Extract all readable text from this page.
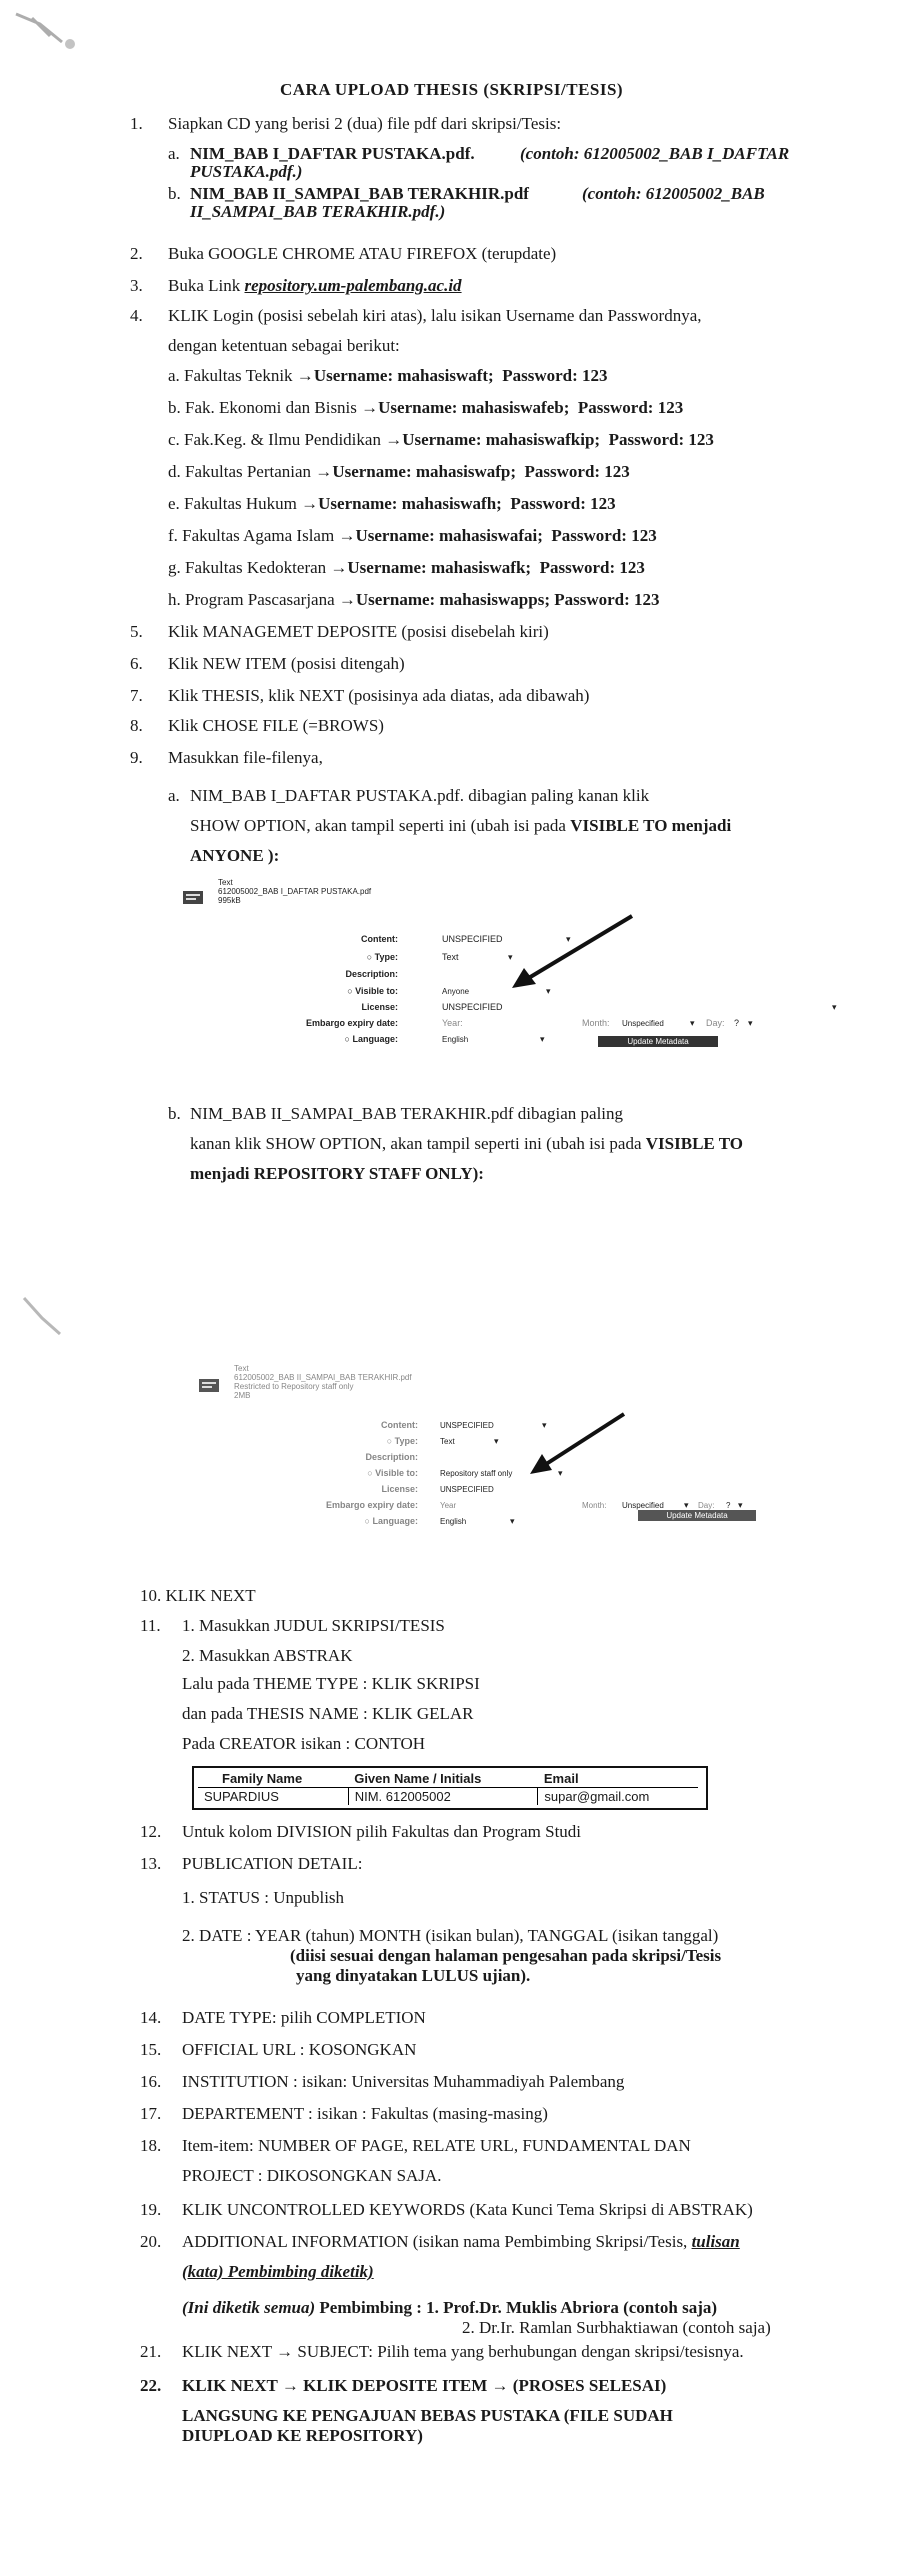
CARA UPLOAD THESIS (SKRIPSI/TESIS)
1. Siapkan CD yang berisi 2 (dua) file pdf dari skripsi/Tesis:
a. NIM_BAB I_DAFTAR PUSTAKA.pdf.	(contoh: 612005002_BAB I_DAFTAR
PUSTAKA.pdf.)
b. NIM_BAB II_SAMPAI_BAB TERAKHIR.pdf	(contoh: 612005002_BAB
II_SAMPAI_BAB TERAKHIR.pdf.)
2. Buka GOOGLE CHROME ATAU FIREFOX (terupdate)
3. Buka Link repository.um-palembang.ac.id
4. KLIK Login (posisi sebelah kiri atas), lalu isikan Username dan Passwordnya,
dengan ketentuan sebagai berikut:
a. Fakultas Teknik →Username: mahasiswaft; Password: 123
b. Fak. Ekonomi dan Bisnis →Username: mahasiswafeb; Password: 123
c. Fak.Keg. & Ilmu Pendidikan →Username: mahasiswafkip; Password: 123
d. Fakultas Pertanian →Username: mahasiswafp; Password: 123
e. Fakultas Hukum →Username: mahasiswafh; Password: 123
f. Fakultas Agama Islam →Username: mahasiswafai; Password: 123
g. Fakultas Kedokteran →Username: mahasiswafk; Password: 123
h. Program Pascasarjana →Username: mahasiswapps; Password: 123
5. Klik MANAGEMET DEPOSITE (posisi disebelah kiri)
6. Klik NEW ITEM (posisi ditengah)
7. Klik THESIS, klik NEXT (posisinya ada diatas, ada dibawah)
8. Klik CHOSE FILE (=BROWS)
9. Masukkan file-filenya,
a. NIM_BAB I_DAFTAR PUSTAKA.pdf. dibagian paling kanan klik
SHOW OPTION, akan tampil seperti ini (ubah isi pada VISIBLE TO menjadi
ANYONE ):
Text
612005002_BAB I_DAFTAR PUSTAKA.pdf
995kB
Content:	UNSPECIFIED	▾
○ Type:	Text	▾
Description:
○ Visible to:	Anyone	▾
License:	UNSPECIFIED	▾
Embargo expiry date:	Year:	Month: Unspecified	▾ Day: ? ▾
○ Language:	English	▾	Update Metadata
b. NIM_BAB II_SAMPAI_BAB TERAKHIR.pdf dibagian paling
kanan klik SHOW OPTION, akan tampil seperti ini (ubah isi pada VISIBLE TO
menjadi REPOSITORY STAFF ONLY):
Text
612005002_BAB II_SAMPAI_BAB TERAKHIR.pdf
Restricted to Repository staff only
2MB
Content:	UNSPECIFIED	▾
○ Type:	Text	▾
Description:
○ Visible to:	Repository staff only	▾
License:	UNSPECIFIED
Embargo expiry date:	Year	Month: Unspecified ▾ Day: ? ▾
○ Language:	English	▾
Update Metadata
10. KLIK NEXT
11. 1. Masukkan JUDUL SKRIPSI/TESIS
2. Masukkan ABSTRAK
Lalu pada THEME TYPE : KLIK SKRIPSI
dan pada THESIS NAME : KLIK GELAR
Pada CREATOR isikan : CONTOH
Family Name	Given Name / Initials	Email
SUPARDIUS	NIM. 612005002	supar@gmail.com
12. Untuk kolom DIVISION pilih Fakultas dan Program Studi
13. PUBLICATION DETAIL:
1. STATUS : Unpublish
2. DATE : YEAR (tahun) MONTH (isikan bulan), TANGGAL (isikan tanggal)
(diisi sesuai dengan halaman pengesahan pada skripsi/Tesis
yang dinyatakan LULUS ujian).
14. DATE TYPE: pilih COMPLETION
15. OFFICIAL URL : KOSONGKAN
16. INSTITUTION : isikan: Universitas Muhammadiyah Palembang
17. DEPARTEMENT : isikan : Fakultas (masing-masing)
18. Item-item: NUMBER OF PAGE, RELATE URL, FUNDAMENTAL DAN
PROJECT : DIKOSONGKAN SAJA.
19. KLIK UNCONTROLLED KEYWORDS (Kata Kunci Tema Skripsi di ABSTRAK)
20. ADDITIONAL INFORMATION (isikan nama Pembimbing Skripsi/Tesis, tulisan
(kata) Pembimbing diketik)
(Ini diketik semua) Pembimbing : 1. Prof.Dr. Muklis Abriora (contoh saja)
2. Dr.Ir. Ramlan Surbhaktiawan (contoh saja)
21. KLIK NEXT → SUBJECT: Pilih tema yang berhubungan dengan skripsi/tesisnya.
22. KLIK NEXT → KLIK DEPOSITE ITEM → (PROSES SELESAI)
LANGSUNG KE PENGAJUAN BEBAS PUSTAKA (FILE SUDAH
DIUPLOAD KE REPOSITORY)
